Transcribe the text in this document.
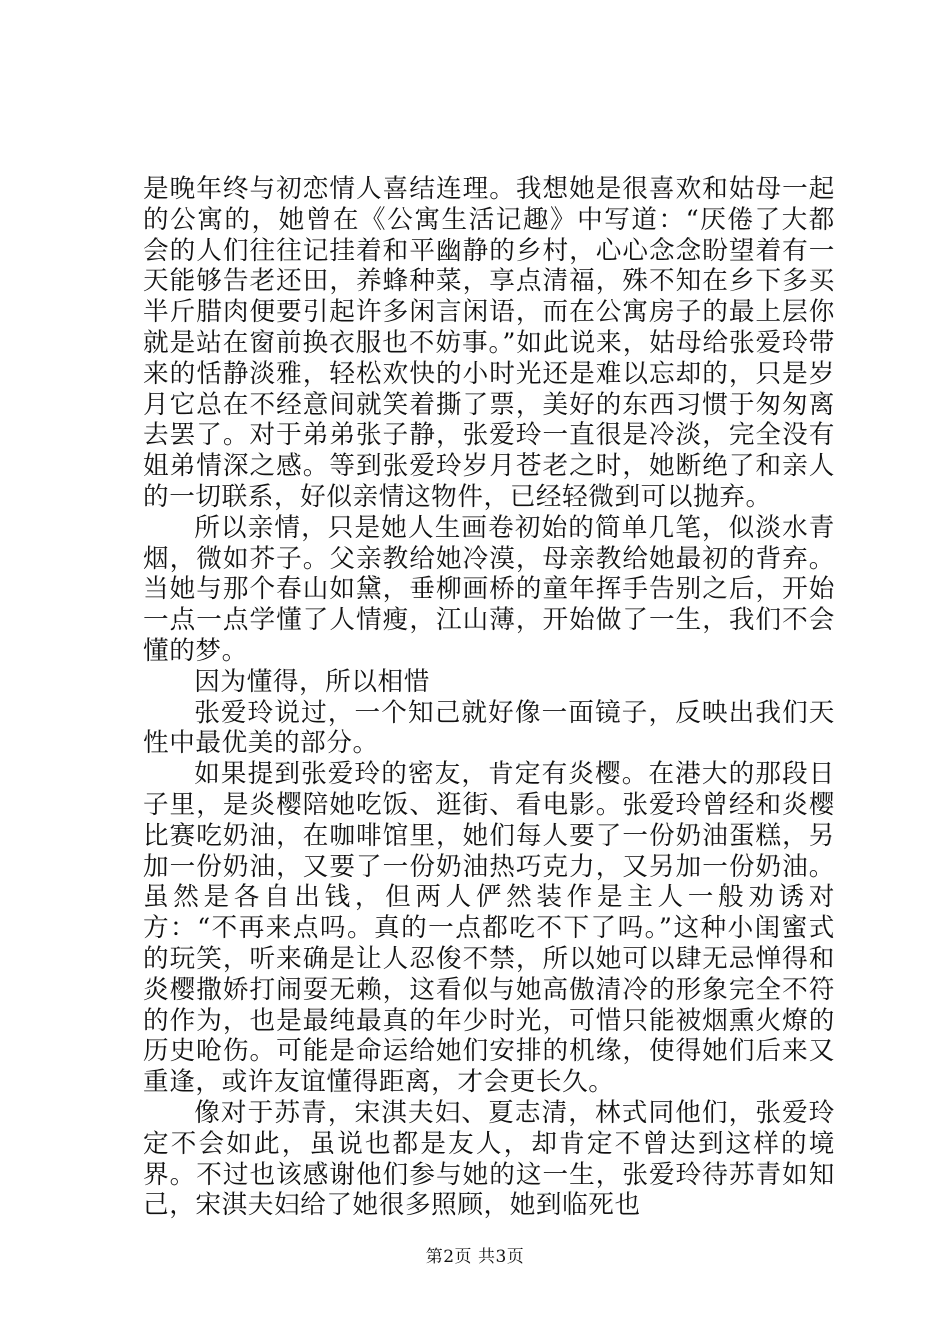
是晚年终与初恋情人喜结连理。我想她是很喜欢和姑母一起的公寓的，她曾在《公寓生活记趣》中写道：“厌倦了大都会的人们往往记挂着和平幽静的乡村，心心念念盼望着有一天能够告老还田，养蜂种菜，享点清福，殊不知在乡下多买半斤腊肉便要引起许多闲言闲语，而在公寓房子的最上层你就是站在窗前换衣服也不妨事。”如此说来，姑母给张爱玲带来的恬静淡雅，轻松欢快的小时光还是难以忘却的，只是岁月它总在不经意间就笑着撕了票，美好的东西习惯于匆匆离去罢了。对于弟弟张子静，张爱玲一直很是冷淡，完全没有姐弟情深之感。等到张爱玲岁月苍老之时，她断绝了和亲人的一切联系，好似亲情这物件，已经轻微到可以抛弃。

所以亲情，只是她人生画卷初始的简单几笔，似淡水青烟，微如芥子。父亲教给她冷漠，母亲教给她最初的背弃。当她与那个春山如黛，垂柳画桥的童年挥手告别之后，开始一点一点学懂了人情瘦，江山薄，开始做了一生，我们不会懂的梦。

因为懂得，所以相惜

张爱玲说过，一个知己就好像一面镜子，反映出我们天性中最优美的部分。

如果提到张爱玲的密友，肯定有炎樱。在港大的那段日子里，是炎樱陪她吃饭、逛街、看电影。张爱玲曾经和炎樱比赛吃奶油，在咖啡馆里，她们每人要了一份奶油蛋糕，另加一份奶油，又要了一份奶油热巧克力，又另加一份奶油。虽然是各自出钱，但两人俨然装作是主人一般劝诱对方：“不再来点吗。真的一点都吃不下了吗。”这种小闺蜜式的玩笑，听来确是让人忍俊不禁，所以她可以肆无忌惮得和炎樱撒娇打闹耍无赖，这看似与她高傲清冷的形象完全不符的作为，也是最纯最真的年少时光，可惜只能被烟熏火燎的历史呛伤。可能是命运给她们安排的机缘，使得她们后来又重逢，或许友谊懂得距离，才会更长久。

像对于苏青，宋淇夫妇、夏志清，林式同他们，张爱玲定不会如此，虽说也都是友人，却肯定不曾达到这样的境界。不过也该感谢他们参与她的这一生，张爱玲待苏青如知己，宋淇夫妇给了她很多照顾，她到临死也

第2页 共3页
